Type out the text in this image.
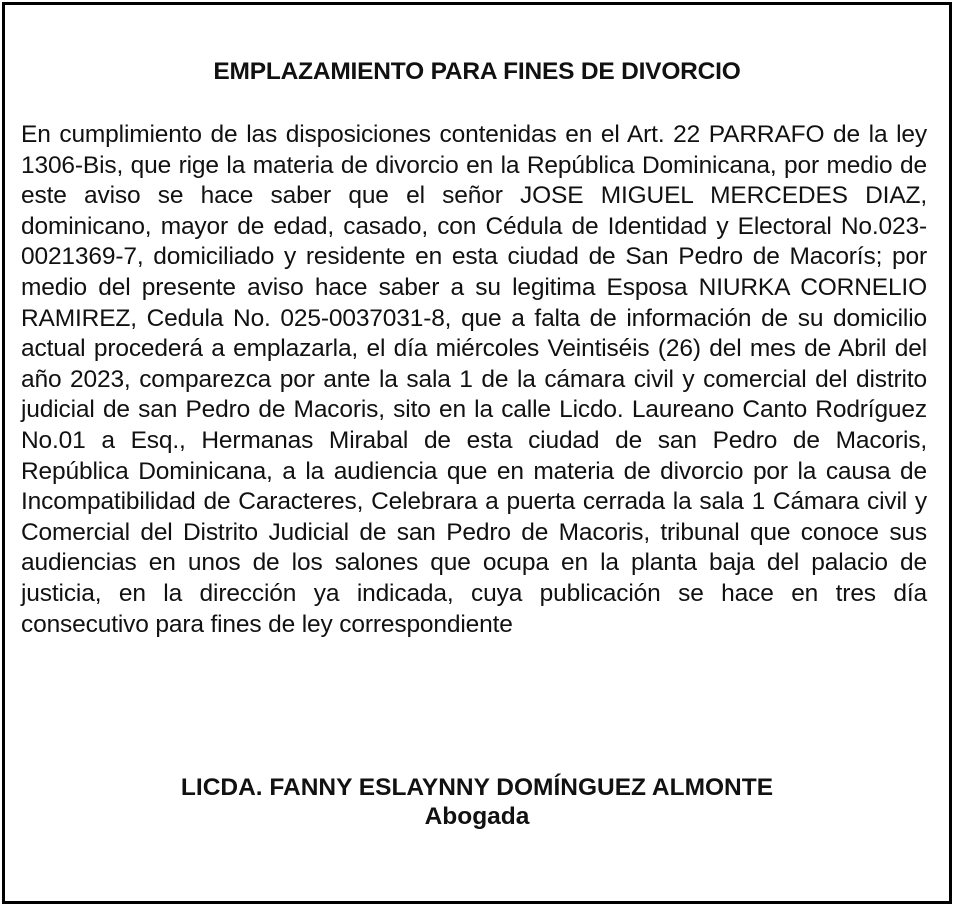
EMPLAZAMIENTO PARA FINES DE DIVORCIO

En cumplimiento de las disposiciones contenidas en el Art. 22 PARRAFO de la ley 1306-Bis, que rige la materia de divorcio en la República Dominicana, por medio de este aviso se hace saber que el señor JOSE MIGUEL MERCEDES DIAZ, dominicano, mayor de edad, casado, con Cédula de Identidad y Electoral No.023-0021369-7, domiciliado y residente en esta ciudad de San Pedro de Macorís; por medio del presente aviso hace saber a su legitima Esposa NIURKA CORNELIO RAMIREZ, Cedula No. 025-0037031-8, que a falta de información de su domicilio actual procederá a emplazarla, el día miércoles Veintiséis (26) del mes de Abril del año 2023, comparezca por ante la sala 1 de la cámara civil y comercial del distrito judicial de san Pedro de Macoris, sito en la calle Licdo. Laureano Canto Rodríguez No.01 a Esq., Hermanas Mirabal de esta ciudad de san Pedro de Macoris, República Dominicana, a la audiencia que en materia de divorcio por la causa de Incompatibilidad de Caracteres, Celebrara a puerta cerrada la sala 1 Cámara civil y Comercial del Distrito Judicial de san Pedro de Macoris, tribunal que conoce sus audiencias en unos de los salones que ocupa en la planta baja del palacio de justicia, en la dirección ya indicada, cuya publicación se hace en tres día consecutivo para fines de ley correspondiente

LICDA. FANNY ESLAYNNY DOMÍNGUEZ ALMONTE
Abogada
